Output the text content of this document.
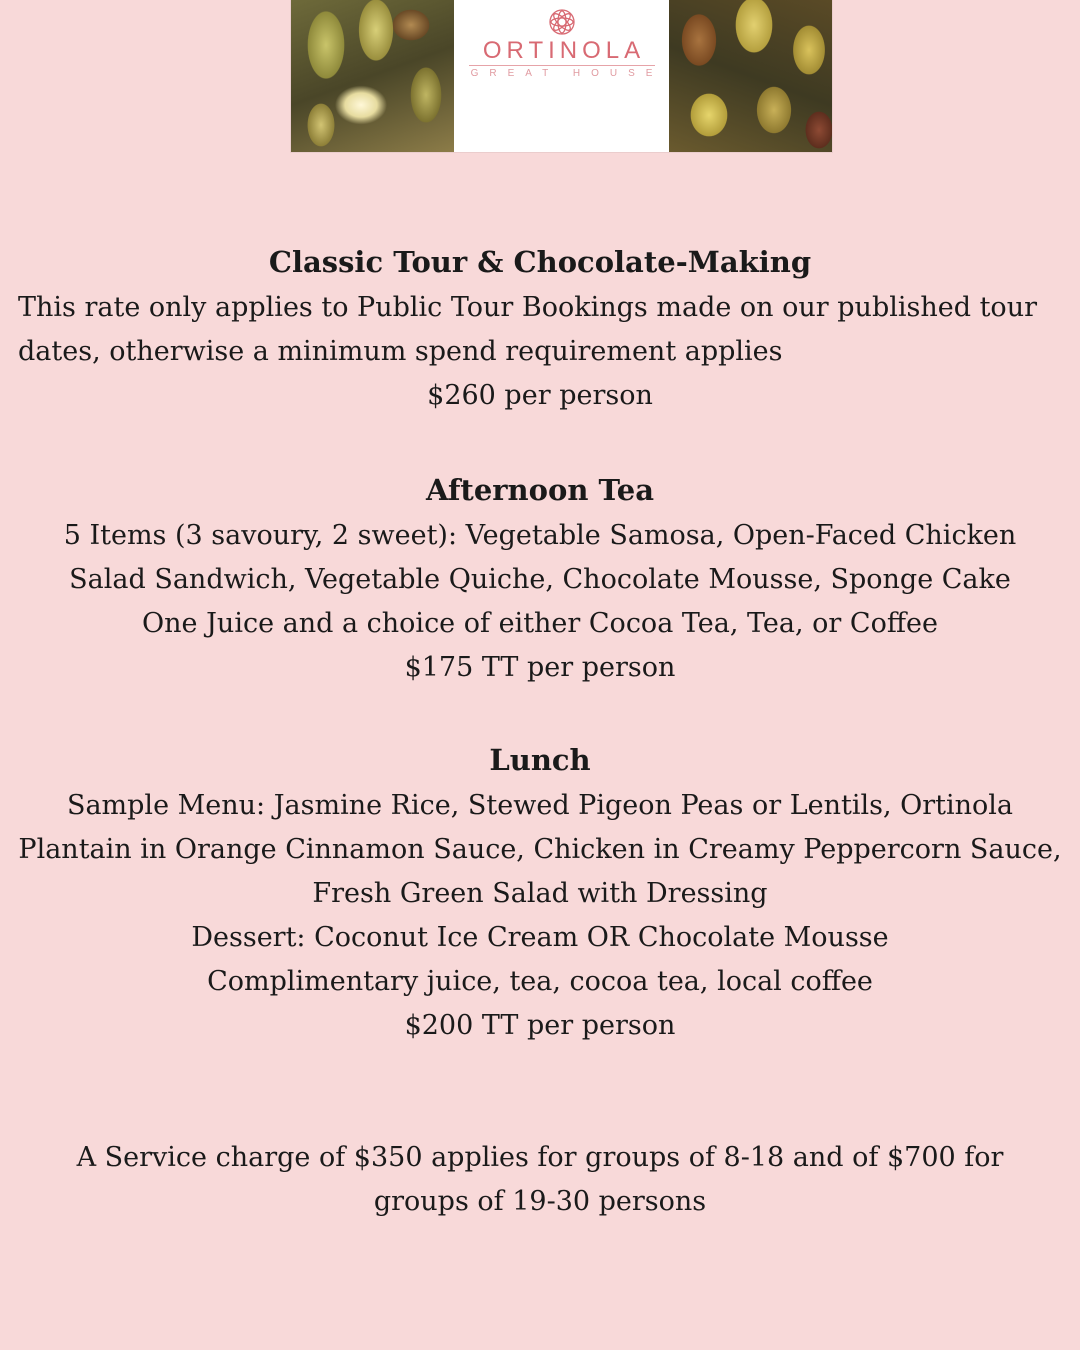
ORTINOLA
GREAT HOUSE
Classic Tour & Chocolate-Making
This rate only applies to Public Tour Bookings made on our published tour
dates, otherwise a minimum spend requirement applies
$260 per person
Afternoon Tea
5 Items (3 savoury, 2 sweet): Vegetable Samosa, Open-Faced Chicken
Salad Sandwich, Vegetable Quiche, Chocolate Mousse, Sponge Cake
One Juice and a choice of either Cocoa Tea, Tea, or Coffee
$175 TT per person
Lunch
Sample Menu: Jasmine Rice, Stewed Pigeon Peas or Lentils, Ortinola
Plantain in Orange Cinnamon Sauce, Chicken in Creamy Peppercorn Sauce,
Fresh Green Salad with Dressing
Dessert: Coconut Ice Cream OR Chocolate Mousse
Complimentary juice, tea, cocoa tea, local coffee
$200 TT per person
A Service charge of $350 applies for groups of 8-18 and of $700 for
groups of 19-30 persons
